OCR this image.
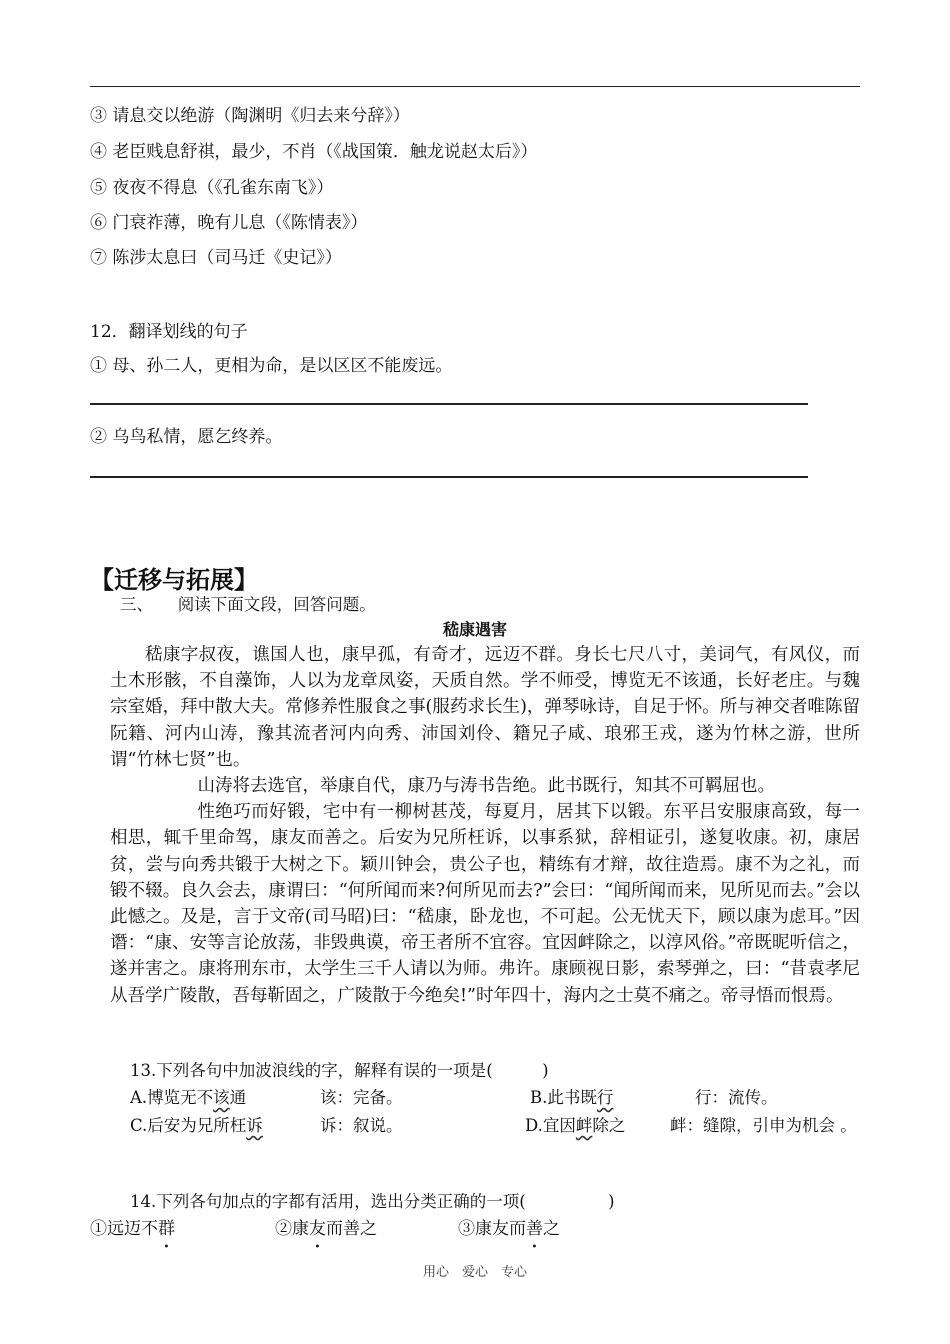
③ 请息交以绝游（陶渊明《归去来兮辞》）
④ 老臣贱息舒祺，最少，不肖（《战国策．触龙说赵太后》）
⑤ 夜夜不得息（《孔雀东南飞》）
⑥ 门衰祚薄，晚有儿息（《陈情表》）
⑦ 陈涉太息曰（司马迁《史记》）
12．翻译划线的句子
① 母、孙二人，更相为命，是以区区不能废远。
② 乌鸟私情，愿乞终养。
【迁移与拓展】
三、　　阅读下面文段，回答问题。
嵇康遇害

嵇康字叔夜，谯国人也，康早孤，有奇才，远迈不群。身长七尺八寸，美词气，有风仪，而土木形骸，不自藻饰，人以为龙章凤姿，天质自然。学不师受，博览无不该通，长好老庄。与魏宗室婚，拜中散大夫。常修养性服食之事(服药求长生)，弹琴咏诗，自足于怀。所与神交者唯陈留阮籍、河内山涛，豫其流者河内向秀、沛国刘伶、籍兄子咸、琅邪王戎，遂为竹林之游，世所谓“竹林七贤”也。

山涛将去选官，举康自代，康乃与涛书告绝。此书既行，知其不可羁屈也。

性绝巧而好锻，宅中有一柳树甚茂，每夏月，居其下以锻。东平吕安服康高致，每一相思，辄千里命驾，康友而善之。后安为兄所枉诉，以事系狱，辞相证引，遂复收康。初，康居贫，尝与向秀共锻于大树之下。颖川钟会，贵公子也，精练有才辩，故往造焉。康不为之礼，而锻不辍。良久会去，康谓曰：“何所闻而来?何所见而去?”会曰：“闻所闻而来，见所见而去。”会以此憾之。及是，言于文帝(司马昭)曰：“嵇康，卧龙也，不可起。公无忧天下，顾以康为虑耳。”因谮：“康、安等言论放荡，非毁典谟，帝王者所不宜容。宜因衅除之，以淳风俗。”帝既昵听信之，遂并害之。康将刑东市，太学生三千人请以为师。弗许。康顾视日影，索琴弹之，曰：“昔袁孝尼从吾学广陵散，吾每靳固之，广陵散于今绝矣!”时年四十，海内之士莫不痛之。帝寻悟而恨焉。

13.下列各句中加波浪线的字，解释有误的一项是(　　　)
A.博览无不该通	该：完备。	B.此书既行	行：流传。
C.后安为兄所枉诉	诉：叙说。	D.宜因衅除之	衅：缝隙，引申为机会 。
14.下列各句加点的字都有活用，选出分类正确的一项(　　　　　)
①远迈不群	②康友而善之	③康友而善之
用心　爱心　专心
